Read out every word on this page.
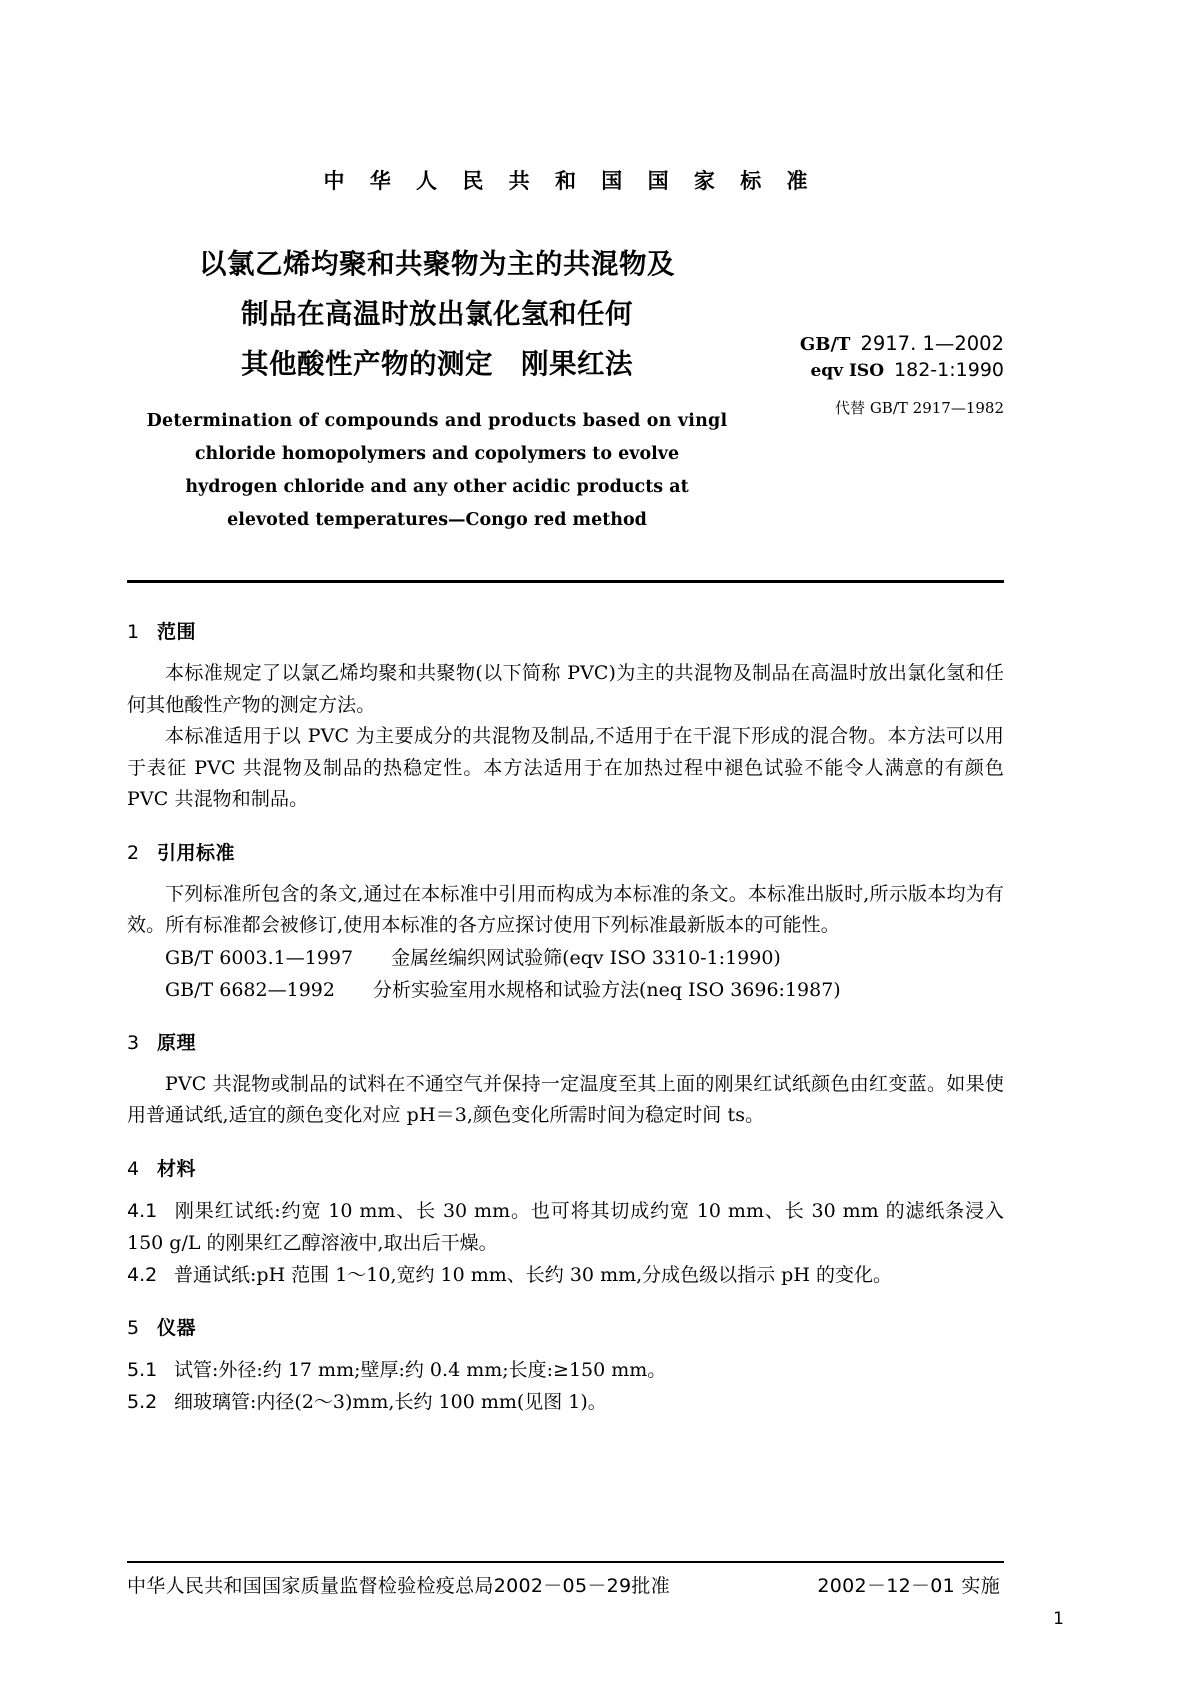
中 华 人 民 共 和 国 国 家 标 准
以氯乙烯均聚和共聚物为主的共混物及
制品在高温时放出氯化氢和任何
其他酸性产物的测定 刚果红法
Determination of compounds and products based on vingl
chloride homopolymers and copolymers to evolve
hydrogen chloride and any other acidic products at
elevoted temperatures—Congo red method
GB/T 2917. 1—2002
eqv ISO 182-1:1990
代替 GB/T 2917—1982
1 范围

本标准规定了以氯乙烯均聚和共聚物(以下简称 PVC)为主的共混物及制品在高温时放出氯化氢和任何其他酸性产物的测定方法。

本标准适用于以 PVC 为主要成分的共混物及制品,不适用于在干混下形成的混合物。本方法可以用于表征 PVC 共混物及制品的热稳定性。本方法适用于在加热过程中褪色试验不能令人满意的有颜色 PVC 共混物和制品。

2 引用标准

下列标准所包含的条文,通过在本标准中引用而构成为本标准的条文。本标准出版时,所示版本均为有效。所有标准都会被修订,使用本标准的各方应探讨使用下列标准最新版本的可能性。

GB/T 6003.1—1997　　金属丝编织网试验筛(eqv ISO 3310-1:1990)

GB/T 6682—1992　　分析实验室用水规格和试验方法(neq ISO 3696:1987)

3 原理

PVC 共混物或制品的试料在不通空气并保持一定温度至其上面的刚果红试纸颜色由红变蓝。如果使用普通试纸,适宜的颜色变化对应 pH＝3,颜色变化所需时间为稳定时间 ts。

4 材料

4.1 刚果红试纸:约宽 10 mm、长 30 mm。也可将其切成约宽 10 mm、长 30 mm 的滤纸条浸入150 g/L 的刚果红乙醇溶液中,取出后干燥。

4.2 普通试纸:pH 范围 1～10,宽约 10 mm、长约 30 mm,分成色级以指示 pH 的变化。

5 仪器

5.1 试管:外径:约 17 mm;壁厚:约 0.4 mm;长度:≥150 mm。

5.2 细玻璃管:内径(2～3)mm,长约 100 mm(见图 1)。

中华人民共和国国家质量监督检验检疫总局2002－05－29批准	2002－12－01 实施
1
